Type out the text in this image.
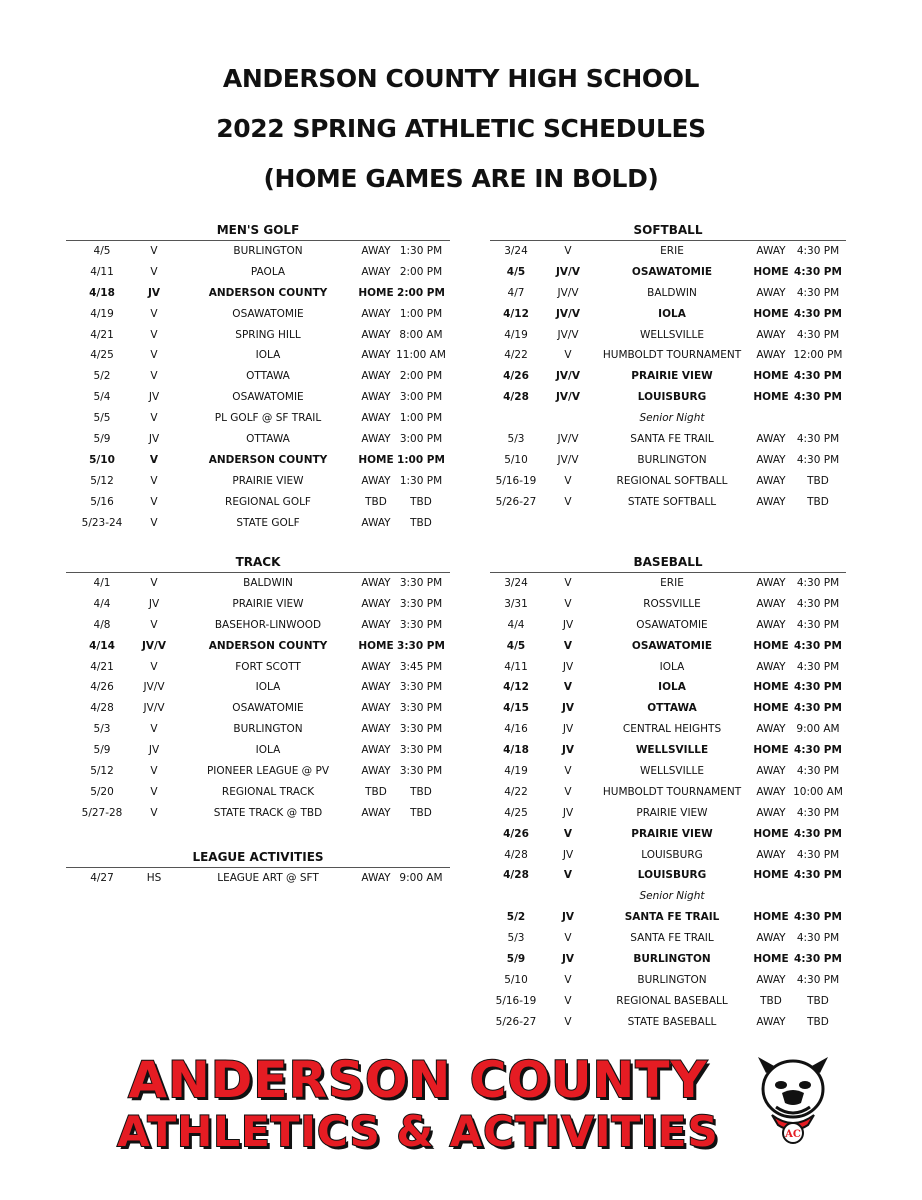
ANDERSON COUNTY HIGH SCHOOL
2022 SPRING ATHLETIC SCHEDULES
(HOME GAMES ARE IN BOLD)
MEN'S GOLF
4/5	V	BURLINGTON	AWAY 1:30 PM
4/11	V	PAOLA	AWAY 2:00 PM
4/18	JV	ANDERSON COUNTY	HOME 2:00 PM
4/19	V	OSAWATOMIE	AWAY 1:00 PM
4/21	V	SPRING HILL	AWAY 8:00 AM
4/25	V	IOLA	AWAY 11:00 AM
5/2	V	OTTAWA	AWAY 2:00 PM
5/4	JV	OSAWATOMIE	AWAY 3:00 PM
5/5	V	PL GOLF @ SF TRAIL	AWAY 1:00 PM
5/9	JV	OTTAWA	AWAY 3:00 PM
5/10	V	ANDERSON COUNTY	HOME 1:00 PM
5/12	V	PRAIRIE VIEW	AWAY 1:30 PM
5/16	V	REGIONAL GOLF	TBD TBD
5/23-24	V	STATE GOLF	AWAY TBD
TRACK
4/1	V	BALDWIN	AWAY 3:30 PM
4/4	JV	PRAIRIE VIEW	AWAY 3:30 PM
4/8	V	BASEHOR-LINWOOD	AWAY 3:30 PM
4/14	JV/V	ANDERSON COUNTY	HOME 3:30 PM
4/21	V	FORT SCOTT	AWAY 3:45 PM
4/26	JV/V	IOLA	AWAY 3:30 PM
4/28	JV/V	OSAWATOMIE	AWAY 3:30 PM
5/3	V	BURLINGTON	AWAY 3:30 PM
5/9	JV	IOLA	AWAY 3:30 PM
5/12	V	PIONEER LEAGUE @ PV	AWAY 3:30 PM
5/20	V	REGIONAL TRACK	TBD TBD
5/27-28	V	STATE TRACK @ TBD	AWAY TBD
LEAGUE ACTIVITIES
4/27	HS	LEAGUE ART @ SFT	AWAY 9:00 AM
SOFTBALL
3/24	V	ERIE	AWAY 4:30 PM
4/5	JV/V	OSAWATOMIE	HOME 4:30 PM
4/7	JV/V	BALDWIN	AWAY 4:30 PM
4/12	JV/V	IOLA	HOME 4:30 PM
4/19	JV/V	WELLSVILLE	AWAY 4:30 PM
4/22	V	HUMBOLDT TOURNAMENT AWAY 12:00 PM
4/26	JV/V	PRAIRIE VIEW	HOME 4:30 PM
4/28	JV/V	LOUISBURG	HOME 4:30 PM
Senior Night
5/3	JV/V	SANTA FE TRAIL	AWAY 4:30 PM
5/10	JV/V	BURLINGTON	AWAY 4:30 PM
5/16-19	V	REGIONAL SOFTBALL	AWAY TBD
5/26-27	V	STATE SOFTBALL	AWAY TBD
BASEBALL
3/24	V	ERIE	AWAY 4:30 PM
3/31	V	ROSSVILLE	AWAY 4:30 PM
4/4	JV	OSAWATOMIE	AWAY 4:30 PM
4/5	V	OSAWATOMIE	HOME 4:30 PM
4/11	JV	IOLA	AWAY 4:30 PM
4/12	V	IOLA	HOME 4:30 PM
4/15	JV	OTTAWA	HOME 4:30 PM
4/16	JV	CENTRAL HEIGHTS	AWAY 9:00 AM
4/18	JV	WELLSVILLE	HOME 4:30 PM
4/19	V	WELLSVILLE	AWAY 4:30 PM
4/22	V	HUMBOLDT TOURNAMENT AWAY 10:00 AM
4/25	JV	PRAIRIE VIEW	AWAY 4:30 PM
4/26	V	PRAIRIE VIEW	HOME 4:30 PM
4/28	JV	LOUISBURG	AWAY 4:30 PM
4/28	V	LOUISBURG	HOME 4:30 PM
Senior Night
5/2	JV	SANTA FE TRAIL	HOME 4:30 PM
5/3	V	SANTA FE TRAIL	AWAY 4:30 PM
5/9	JV	BURLINGTON	HOME 4:30 PM
5/10	V	BURLINGTON	AWAY 4:30 PM
5/16-19	V	REGIONAL BASEBALL	TBD TBD
5/26-27	V	STATE BASEBALL	AWAY TBD
ANDERSON COUNTY
ATHLETICS & ACTIVITIES	AC
